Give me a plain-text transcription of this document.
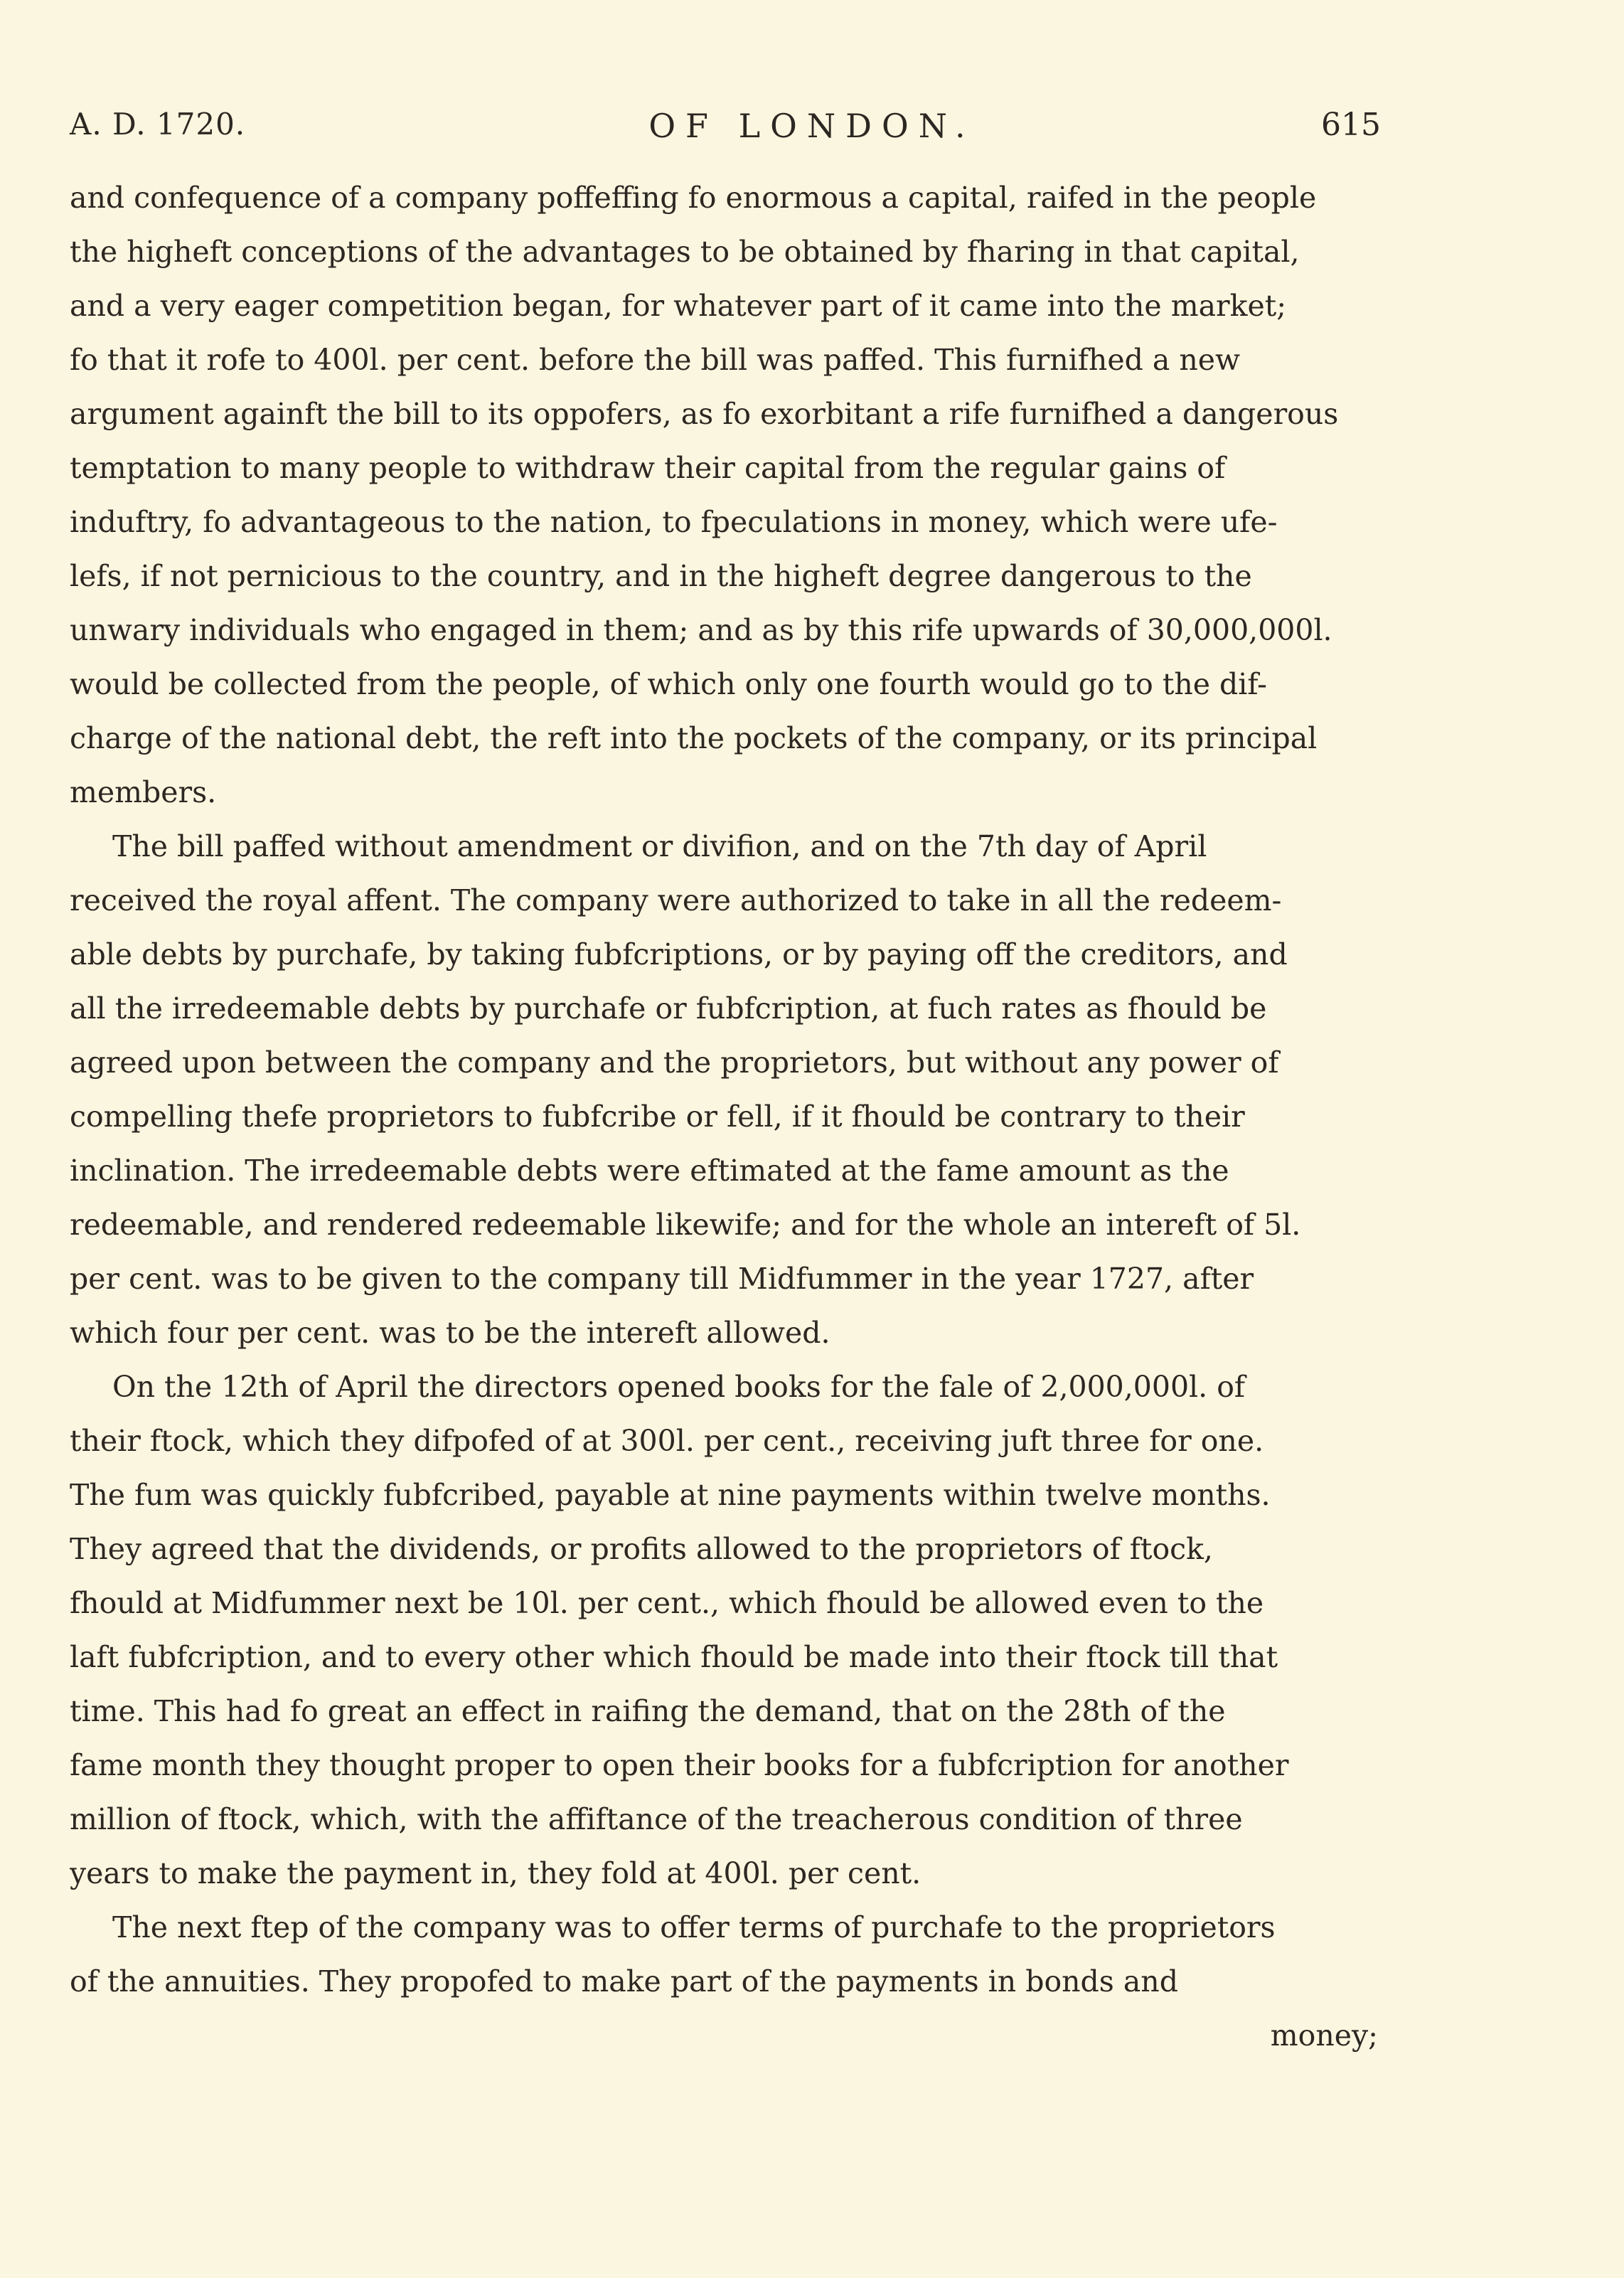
A. D. 1720.	OF LONDON.	615
and confequence of a company poffeffing fo enormous a capital, raifed in the people
the higheft conceptions of the advantages to be obtained by fharing in that capital,
and a very eager competition began, for whatever part of it came into the market;
fo that it rofe to 400l. per cent. before the bill was paffed. This furnifhed a new
argument againft the bill to its oppofers, as fo exorbitant a rife furnifhed a dangerous
temptation to many people to withdraw their capital from the regular gains of
induftry, fo advantageous to the nation, to fpeculations in money, which were ufe-
lefs, if not pernicious to the country, and in the higheft degree dangerous to the
unwary individuals who engaged in them; and as by this rife upwards of 30,000,000l.
would be collected from the people, of which only one fourth would go to the dif-
charge of the national debt, the reft into the pockets of the company, or its principal
members.
The bill paffed without amendment or divifion, and on the 7th day of April
received the royal affent. The company were authorized to take in all the redeem-
able debts by purchafe, by taking fubfcriptions, or by paying off the creditors, and
all the irredeemable debts by purchafe or fubfcription, at fuch rates as fhould be
agreed upon between the company and the proprietors, but without any power of
compelling thefe proprietors to fubfcribe or fell, if it fhould be contrary to their
inclination. The irredeemable debts were eftimated at the fame amount as the
redeemable, and rendered redeemable likewife; and for the whole an intereft of 5l.
per cent. was to be given to the company till Midfummer in the year 1727, after
which four per cent. was to be the intereft allowed.
On the 12th of April the directors opened books for the fale of 2,000,000l. of
their ftock, which they difpofed of at 300l. per cent., receiving juft three for one.
The fum was quickly fubfcribed, payable at nine payments within twelve months.
They agreed that the dividends, or profits allowed to the proprietors of ftock,
fhould at Midfummer next be 10l. per cent., which fhould be allowed even to the
laft fubfcription, and to every other which fhould be made into their ftock till that
time. This had fo great an effect in raifing the demand, that on the 28th of the
fame month they thought proper to open their books for a fubfcription for another
million of ftock, which, with the affiftance of the treacherous condition of three
years to make the payment in, they fold at 400l. per cent.
The next ftep of the company was to offer terms of purchafe to the proprietors
of the annuities. They propofed to make part of the payments in bonds and
money;
